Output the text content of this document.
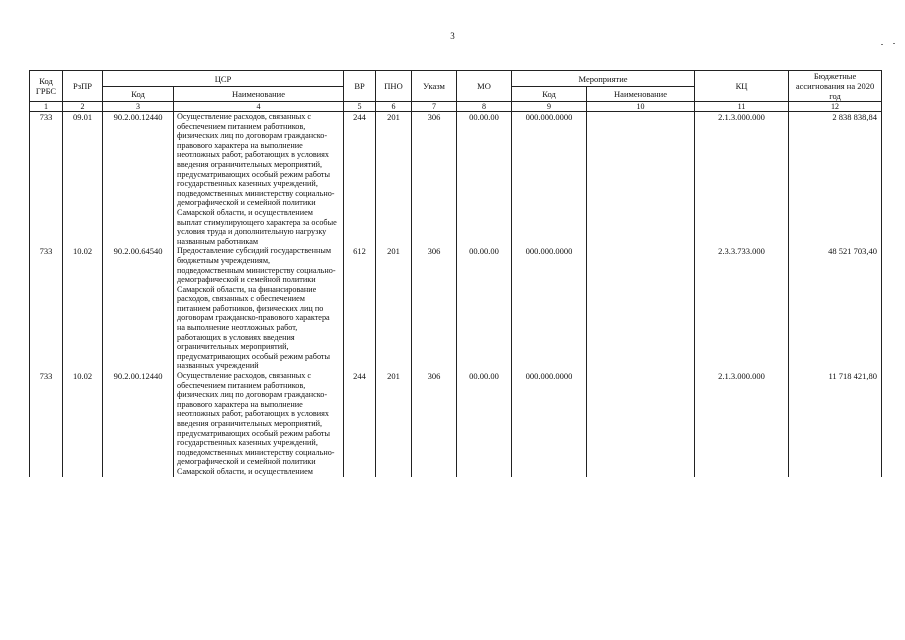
3
Код ГРБС	РзПР	ЦСР		ВР	ПНО	Указм	МО	Мероприятие		КЦ	Бюджетные ассигнования на 2020 год
		Код	Наименование					Код	Наименование		
1	2	3	4	5	6	7	8	9	10	11	12
733	09.01	90.2.00.12440	Осуществление расходов, связанных с обеспечением питанием работников, физических лиц по договорам гражданско-правового характера на выполнение неотложных работ, работающих в условиях введения ограничительных мероприятий, предусматривающих особый режим работы государственных казенных учреждений, подведомственных министерству социально-демографической и семейной политики Самарской области, и осуществлением выплат стимулирующего характера за особые условия труда и дополнительную нагрузку названным работникам	244	201	306	00.00.00	000.000.0000		2.1.3.000.000	2 838 838,84
733	10.02	90.2.00.64540	Предоставление субсидий государственным бюджетным учреждениям, подведомственным министерству социально-демографической и семейной политики Самарской области, на финансирование расходов, связанных с обеспечением питанием работников, физических лиц по договорам гражданско-правового характера на выполнение неотложных работ, работающих в условиях введения ограничительных мероприятий, предусматривающих особый режим работы названных учреждений	612	201	306	00.00.00	000.000.0000		2.3.3.733.000	48 521 703,40
733	10.02	90.2.00.12440	Осуществление расходов, связанных с обеспечением питанием работников, физических лиц по договорам гражданско-правового характера на выполнение неотложных работ, работающих в условиях введения ограничительных мероприятий, предусматривающих особый режим работы государственных казенных учреждений, подведомственных министерству социально-демографической и семейной политики Самарской области, и осуществлением	244	201	306	00.00.00	000.000.0000		2.1.3.000.000	11 718 421,80
